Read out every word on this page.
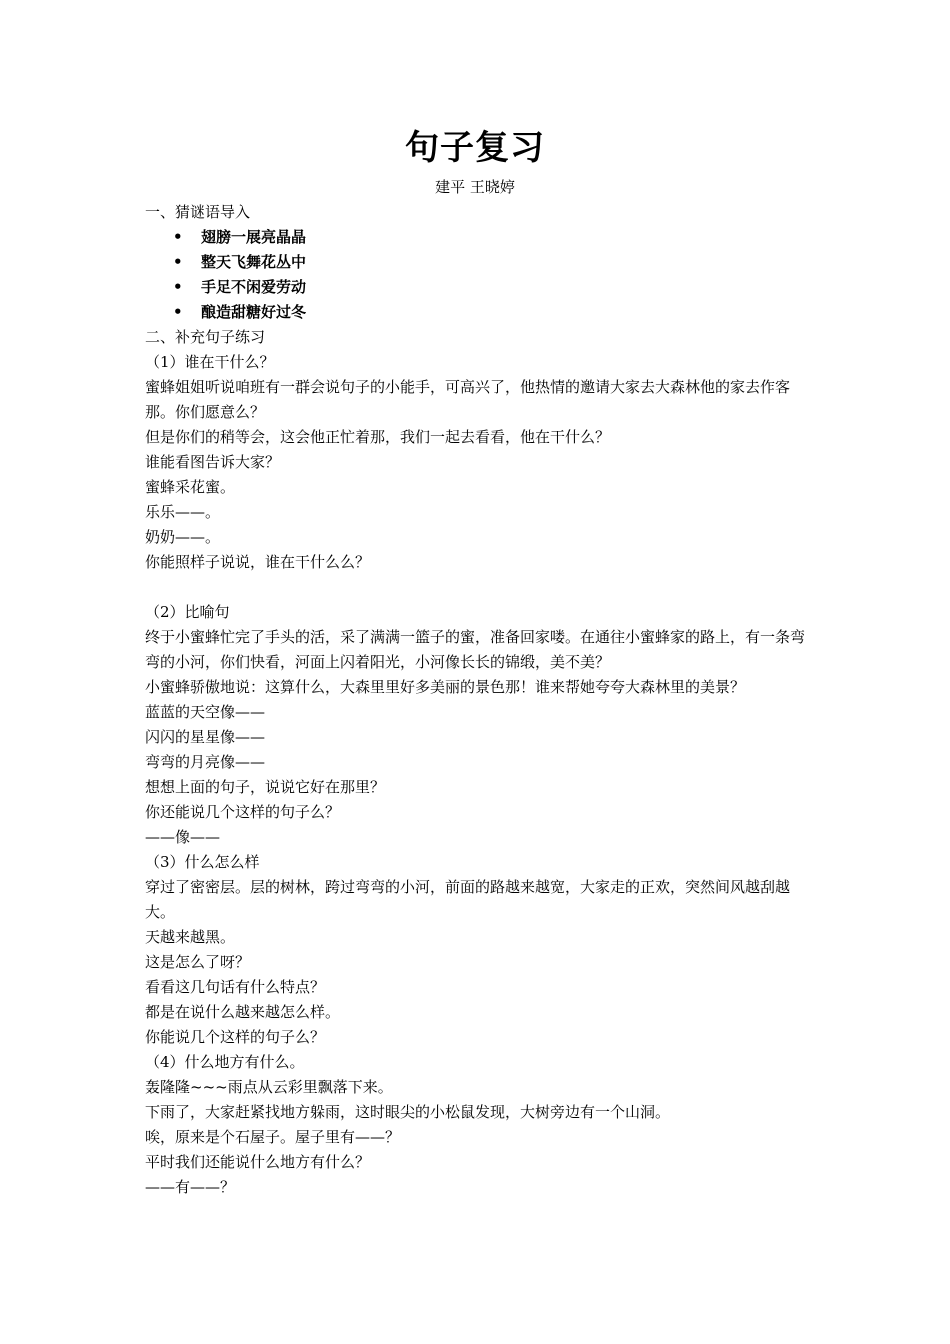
句子复习
建平 王晓婷

一、猜谜语导入

• 翅膀一展亮晶晶
• 整天飞舞花丛中
• 手足不闲爱劳动
• 酿造甜糖好过冬

二、补充句子练习

（1）谁在干什么？

蜜蜂姐姐听说咱班有一群会说句子的小能手，可高兴了，他热情的邀请大家去大森林他的家去作客那。你们愿意么？

但是你们的稍等会，这会他正忙着那，我们一起去看看，他在干什么？

谁能看图告诉大家？

蜜蜂采花蜜。

乐乐——。

奶奶——。

你能照样子说说，谁在干什么么？

（2）比喻句

终于小蜜蜂忙完了手头的活，采了满满一篮子的蜜，准备回家喽。在通往小蜜蜂家的路上，有一条弯弯的小河，你们快看，河面上闪着阳光，小河像长长的锦缎，美不美？

小蜜蜂骄傲地说：这算什么，大森里里好多美丽的景色那！谁来帮她夸夸大森林里的美景？

蓝蓝的天空像——

闪闪的星星像——

弯弯的月亮像——

想想上面的句子，说说它好在那里？

你还能说几个这样的句子么？

——像——

（3）什么怎么样

穿过了密密层。层的树林，跨过弯弯的小河，前面的路越来越宽，大家走的正欢，突然间风越刮越大。

天越来越黑。

这是怎么了呀？

看看这几句话有什么特点？

都是在说什么越来越怎么样。

你能说几个这样的句子么？

（4）什么地方有什么。

轰隆隆~~~雨点从云彩里飘落下来。

下雨了，大家赶紧找地方躲雨，这时眼尖的小松鼠发现，大树旁边有一个山洞。

唉，原来是个石屋子。屋子里有——？

平时我们还能说什么地方有什么？

——有——？
